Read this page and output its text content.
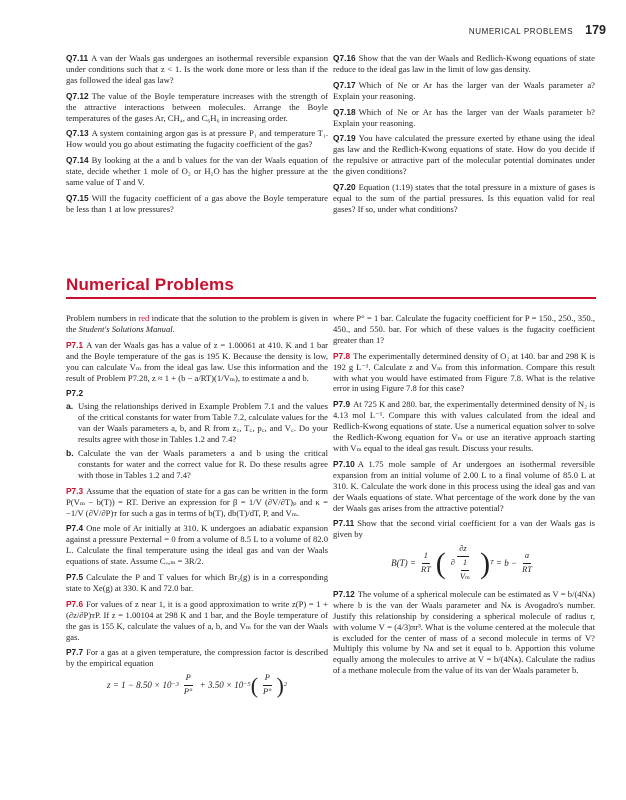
NUMERICAL PROBLEMS 179

Q7.11 A van der Waals gas undergoes an isothermal reversible expansion under conditions such that z < 1. Is the work done more or less than if the gas followed the ideal gas law?

Q7.12 The value of the Boyle temperature increases with the strength of the attractive interactions between molecules. Arrange the Boyle temperatures of the gases Ar, CH₄, and C₆H₆ in increasing order.

Q7.13 A system containing argon gas is at pressure P₁ and temperature T₁. How would you go about estimating the fugacity coefficient of the gas?

Q7.14 By looking at the a and b values for the van der Waals equation of state, decide whether 1 mole of O₂ or H₂O has the higher pressure at the same value of T and V.

Q7.15 Will the fugacity coefficient of a gas above the Boyle temperature be less than 1 at low pressures?

Q7.16 Show that the van der Waals and Redlich-Kwong equations of state reduce to the ideal gas law in the limit of low gas density.

Q7.17 Which of Ne or Ar has the larger van der Waals parameter a? Explain your reasoning.

Q7.18 Which of Ne or Ar has the larger van der Waals parameter b? Explain your reasoning.

Q7.19 You have calculated the pressure exerted by ethane using the ideal gas law and the Redlich-Kwong equations of state. How do you decide if the repulsive or attractive part of the molecular potential dominates under the given conditions?

Q7.20 Equation (1.19) states that the total pressure in a mixture of gases is equal to the sum of the partial pressures. Is this equation valid for real gases? If so, under what conditions?

Numerical Problems

Problem numbers in red indicate that the solution to the problem is given in the Student's Solutions Manual.

P7.1 A van der Waals gas has a value of z = 1.00061 at 410. K and 1 bar and the Boyle temperature of the gas is 195 K. Because the density is low, you can calculate Vₘ from the ideal gas law. Use this information and the result of Problem P7.28, z ≈ 1 + (b − a/RT)(1/Vₘ), to estimate a and b.

P7.2

a. Using the relationships derived in Example Problem 7.1 and the values of the critical constants for water from Table 7.2, calculate values for the van der Waals parameters a, b, and R from z꜀, T꜀, p꜀, and V꜀. Do your results agree with those in Tables 1.2 and 7.4?

b. Calculate the van der Waals parameters a and b using the critical constants for water and the correct value for R. Do these results agree with those in Tables 1.2 and 7.4?

P7.3 Assume that the equation of state for a gas can be written in the form P(Vₘ − b(T)) = RT. Derive an expression for β = 1/V (∂V/∂T)ₚ and κ = −1/V (∂V/∂P)ᴛ for such a gas in terms of b(T), db(T)/dT, P, and Vₘ.

P7.4 One mole of Ar initially at 310. K undergoes an adiabatic expansion against a pressure Pexternal = 0 from a volume of 8.5 L to a volume of 82.0 L. Calculate the final temperature using the ideal gas and van der Waals equations of state. Assume Cᵥ,ₘ = 3R/2.

P7.5 Calculate the P and T values for which Br₂(g) is in a corresponding state to Xe(g) at 330. K and 72.0 bar.

P7.6 For values of z near 1, it is a good approximation to write z(P) = 1 + (∂z/∂P)ᴛP. If z = 1.00104 at 298 K and 1 bar, and the Boyle temperature of the gas is 155 K, calculate the values of a, b, and Vₘ for the van der Waals gas.

P7.7 For a gas at a given temperature, the compression factor is described by the empirical equation

$z = 1 - 8.50 \times 10 -3 \frac{P}{P^\circ}$
+ 3.50 × 10 −5 ( $\frac{P}{P^\circ}$ ) 2

where P° = 1 bar. Calculate the fugacity coefficient for P = 150., 250., 350., 450., and 550. bar. For which of these values is the fugacity coefficient greater than 1?

P7.8 The experimentally determined density of O₂ at 140. bar and 298 K is 192 g L⁻¹. Calculate z and Vₘ from this information. Compare this result with what you would have estimated from Figure 7.8. What is the relative error in using Figure 7.8 for this case?

P7.9 At 725 K and 280. bar, the experimentally determined density of N₂ is 4.13 mol L⁻¹. Compare this with values calculated from the ideal and Redlich-Kwong equations of state. Use a numerical equation solver to solve the Redlich-Kwong equation for Vₘ or use an iterative approach starting with Vₘ equal to the ideal gas result. Discuss your results.

P7.10 A 1.75 mole sample of Ar undergoes an isothermal reversible expansion from an initial volume of 2.00 L to a final volume of 85.0 L at 310. K. Calculate the work done in this process using the ideal gas and van der Waals equations of state. What percentage of the work done by the van der Waals gas arises from the attractive potential?

P7.11 Show that the second virial coefficient for a van der Waals gas is given by

$B(T) = \frac{1}{RT}$ ( $\frac{\partial z}{\partial \frac{1}{\text{Vₘ}}}$ ) T
= $b - \frac{a}{RT}$

P7.12 The volume of a spherical molecule can be estimated as V = b/(4Nᴀ) where b is the van der Waals parameter and Nᴀ is Avogadro's number. Justify this relationship by considering a spherical molecule of radius r, with volume V = (4/3)πr³. What is the volume centered at the molecule that is excluded for the center of mass of a second molecule in terms of V? Multiply this volume by Nᴀ and set it equal to b. Apportion this volume equally among the molecules to arrive at V = b/(4Nᴀ). Calculate the radius of a methane molecule from the value of its van der Waals parameter b.
